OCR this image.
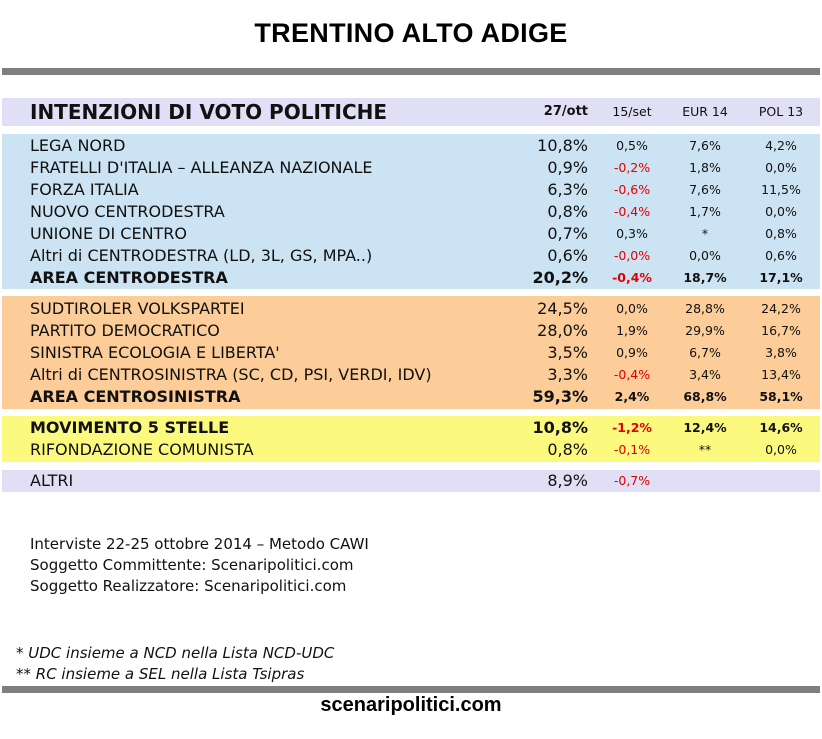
TRENTINO ALTO ADIGE
INTENZIONI DI VOTO POLITICHE	27/ott	15/set	EUR 14	POL 13
LEGA NORD	10,8%	0,5%	7,6%	4,2%
FRATELLI D'ITALIA – ALLEANZA NAZIONALE	0,9%	-0,2%	1,8%	0,0%
FORZA ITALIA	6,3%	-0,6%	7,6%	11,5%
NUOVO CENTRODESTRA	0,8%	-0,4%	1,7%	0,0%
UNIONE DI CENTRO	0,7%	0,3%	*	0,8%
Altri di CENTRODESTRA (LD, 3L, GS, MPA..)	0,6%	-0,0%	0,0%	0,6%
AREA CENTRODESTRA	20,2%	-0,4%	18,7%	17,1%
SUDTIROLER VOLKSPARTEI	24,5%	0,0%	28,8%	24,2%
PARTITO DEMOCRATICO	28,0%	1,9%	29,9%	16,7%
SINISTRA ECOLOGIA E LIBERTA'	3,5%	0,9%	6,7%	3,8%
Altri di CENTROSINISTRA (SC, CD, PSI, VERDI, IDV)	3,3%	-0,4%	3,4%	13,4%
AREA CENTROSINISTRA	59,3%	2,4%	68,8%	58,1%
MOVIMENTO 5 STELLE	10,8%	-1,2%	12,4%	14,6%
RIFONDAZIONE COMUNISTA	0,8%	-0,1%	**	0,0%
ALTRI	8,9%	-0,7%
Interviste 22-25 ottobre 2014 – Metodo CAWI
Soggetto Committente: Scenaripolitici.com
Soggetto Realizzatore: Scenaripolitici.com
* UDC insieme a NCD nella Lista NCD-UDC
** RC insieme a SEL nella Lista Tsipras
scenaripolitici.com
